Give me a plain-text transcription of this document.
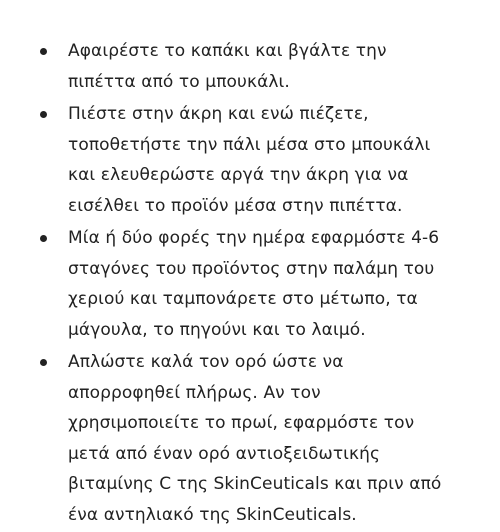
Αφαιρέστε το καπάκι και βγάλτε την
πιπέττα από το μπουκάλι.
Πιέστε στην άκρη και ενώ πιέζετε,
τοποθετήστε την πάλι μέσα στο μπουκάλι
και ελευθερώστε αργά την άκρη για να
εισέλθει το προϊόν μέσα στην πιπέττα.
Μία ή δύο φορές την ημέρα εφαρμόστε 4-6
σταγόνες του προϊόντος στην παλάμη του
χεριού και ταμπονάρετε στο μέτωπο, τα
μάγουλα, το πηγούνι και το λαιμό.
Απλώστε καλά τον ορό ώστε να
απορροφηθεί πλήρως. Αν τον
χρησιμοποιείτε το πρωί, εφαρμόστε τον
μετά από έναν ορό αντιοξειδωτικής
βιταμίνης C της SkinCeuticals και πριν από
ένα αντηλιακό της SkinCeuticals.
